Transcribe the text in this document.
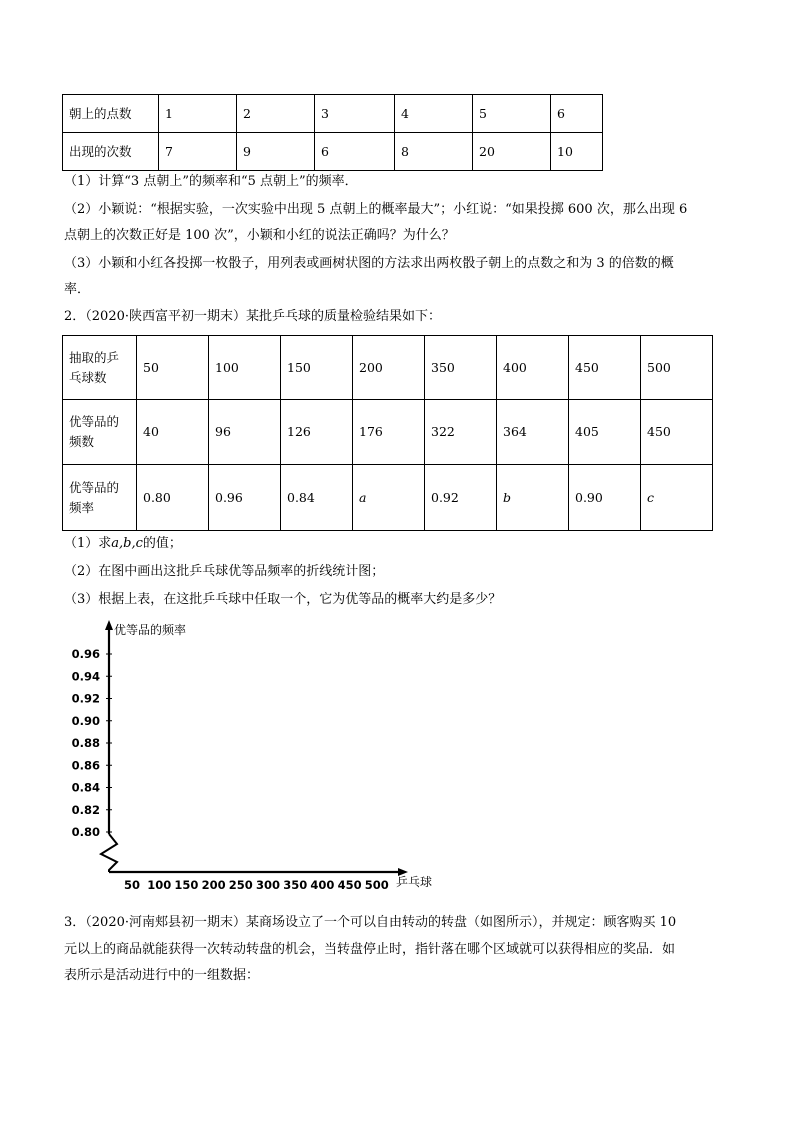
朝上的点数	1	2	3	4	5	6
出现的次数	7	9	6	8	20	10
（1）计算“3 点朝上”的频率和“5 点朝上”的频率．
（2）小颖说：“根据实验，一次实验中出现 5 点朝上的概率最大”；小红说：“如果投掷 600 次，那么出现 6
点朝上的次数正好是 100 次”，小颖和小红的说法正确吗？为什么？
（3）小颖和小红各投掷一枚骰子，用列表或画树状图的方法求出两枚骰子朝上的点数之和为 3 的倍数的概
率．
2．（2020·陕西富平初一期末）某批乒乓球的质量检验结果如下：
抽取的乒
乓球数	50	100	150	200	350	400	450	500
优等品的
频数	40	96	126	176	322	364	405	450
优等品的
频率	0.80	0.96	0.84	a	0.92	b	0.90	c
（1）求a,b,c的值；
（2）在图中画出这批乒乓球优等品频率的折线统计图；
（3）根据上表，在这批乒乓球中任取一个，它为优等品的概率大约是多少？
0.80
0.82
0.84
0.86
0.88
0.90
0.92
0.94
0.96
50 100 150 200 250 300 350 400 450 500
优等品的频率
乒乓球
3．（2020·河南郏县初一期末）某商场设立了一个可以自由转动的转盘（如图所示），并规定：顾客购买 10
元以上的商品就能获得一次转动转盘的机会，当转盘停止时，指针落在哪个区域就可以获得相应的奖品．如
表所示是活动进行中的一组数据：
